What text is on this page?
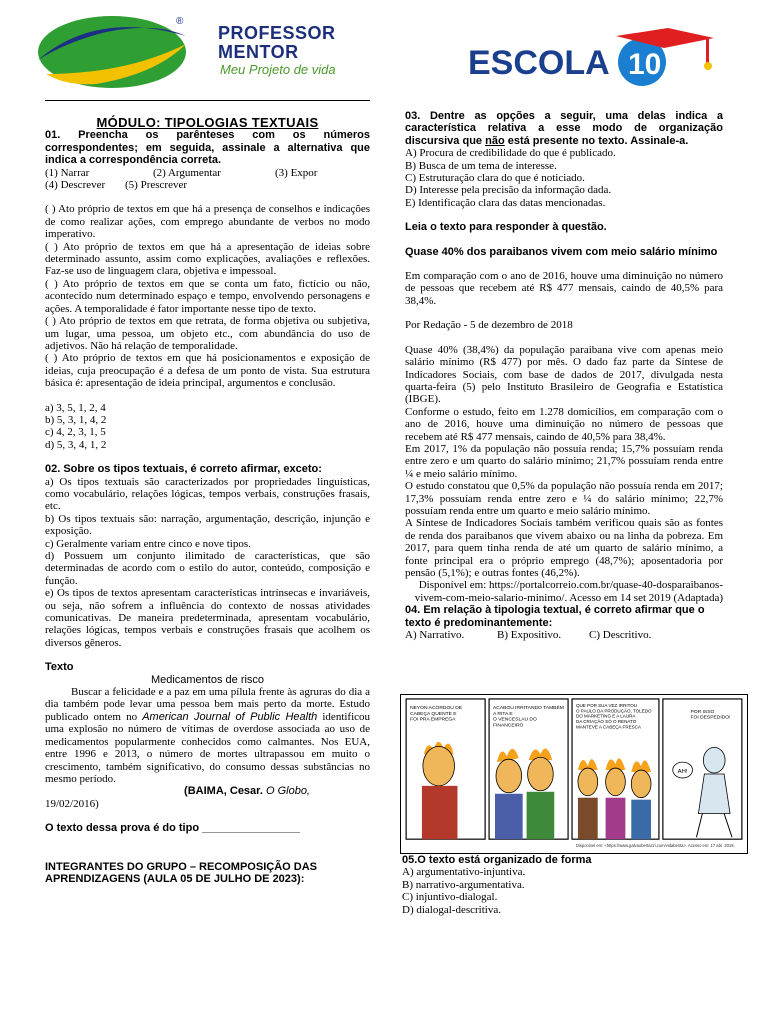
®
PROFESSOR
MENTOR
Meu Projeto de vida	ESCOLA 10
MÓDULO: TIPOLOGIAS TEXTUAIS
01. Preencha os parênteses com os números correspondentes; em seguida, assinale a alternativa que indica a correspondência correta.
(1) Narrar	(2) Argumentar	(3) Expor
(4) Descrever	(5) Prescrever

( ) Ato próprio de textos em que há a presença de conselhos e indicações de como realizar ações, com emprego abundante de verbos no modo imperativo.

( ) Ato próprio de textos em que há a apresentação de ideias sobre determinado assunto, assim como explicações, avaliações e reflexões. Faz-se uso de linguagem clara, objetiva e impessoal.

( ) Ato próprio de textos em que se conta um fato, fictício ou não, acontecido num determinado espaço e tempo, envolvendo personagens e ações. A temporalidade é fator importante nesse tipo de texto.

( ) Ato próprio de textos em que retrata, de forma objetiva ou subjetiva, um lugar, uma pessoa, um objeto etc., com abundância do uso de adjetivos. Não há relação de temporalidade.

( ) Ato próprio de textos em que há posicionamentos e exposição de ideias, cuja preocupação é a defesa de um ponto de vista. Sua estrutura básica é: apresentação de ideia principal, argumentos e conclusão.

a) 3, 5, 1, 2, 4

b) 5, 3, 1, 4, 2

c) 4, 2, 3, 1, 5

d) 5, 3, 4, 1, 2

02. Sobre os tipos textuais, é correto afirmar, exceto:

a) Os tipos textuais são caracterizados por propriedades linguísticas, como vocabulário, relações lógicas, tempos verbais, construções frasais, etc.

b) Os tipos textuais são: narração, argumentação, descrição, injunção e exposição.

c) Geralmente variam entre cinco e nove tipos.

d) Possuem um conjunto ilimitado de características, que são determinadas de acordo com o estilo do autor, conteúdo, composição e função.

e) Os tipos de textos apresentam características intrínsecas e invariáveis, ou seja, não sofrem a influência do contexto de nossas atividades comunicativas. De maneira predeterminada, apresentam vocabulário, relações lógicas, tempos verbais e construções frasais que acolhem os diversos gêneros.

Texto
Medicamentos de risco

Buscar a felicidade e a paz em uma pílula frente às agruras do dia a dia também pode levar uma pessoa bem mais perto da morte. Estudo publicado ontem no American Journal of Public Health identificou uma explosão no número de vítimas de overdose associada ao uso de medicamentos popularmente conhecidos como calmantes. Nos EUA, entre 1996 e 2013, o número de mortes ultrapassou em muito o crescimento, também significativo, do consumo dessas substâncias no mesmo período.

(BAIMA, Cesar. O Globo,

19/02/2016)

O texto dessa prova é do tipo ________________
INTEGRANTES DO GRUPO – RECOMPOSIÇÃO DAS APRENDIZAGENS (AULA 05 DE JULHO DE 2023):
03. Dentre as opções a seguir, uma delas indica a característica relativa a esse modo de organização discursiva que não está presente no texto. Assinale-a.

A) Procura de credibilidade do que é publicado.

B) Busca de um tema de interesse.

C) Estruturação clara do que é noticiado.

D) Interesse pela precisão da informação dada.

E) Identificação clara das datas mencionadas.

Leia o texto para responder à questão.
Quase 40% dos paraibanos vivem com meio salário mínimo

Em comparação com o ano de 2016, houve uma diminuição no número de pessoas que recebem até R$ 477 mensais, caindo de 40,5% para 38,4%.

Por Redação - 5 de dezembro de 2018

Quase 40% (38,4%) da população paraibana vive com apenas meio salário mínimo (R$ 477) por mês. O dado faz parte da Síntese de Indicadores Sociais, com base de dados de 2017, divulgada nesta quarta-feira (5) pelo Instituto Brasileiro de Geografia e Estatística (IBGE).

Conforme o estudo, feito em 1.278 domicílios, em comparação com o ano de 2016, houve uma diminuição no número de pessoas que recebem até R$ 477 mensais, caindo de 40,5% para 38,4%.

Em 2017, 1% da população não possuía renda; 15,7% possuíam renda entre zero e um quarto do salário mínimo; 21,7% possuíam renda entre ¼ e meio salário mínimo.

O estudo constatou que 0,5% da população não possuía renda em 2017; 17,3% possuíam renda entre zero e ¼ do salário mínimo; 22,7% possuíam renda entre um quarto e meio salário mínimo.

A Síntese de Indicadores Sociais também verificou quais são as fontes de renda dos paraibanos que vivem abaixo ou na linha da pobreza. Em 2017, para quem tinha renda de até um quarto de salário mínimo, a fonte principal era o próprio emprego (48,7%); aposentadoria por pensão (5,1%); e outras fontes (46,2%).

Disponível em: https://portalcorreio.com.br/quase-40-dosparaibanos-vivem-com-meio-salario-minimo/. Acesso em 14 set 2019 (Adaptada)

04. Em relação à tipologia textual, é correto afirmar que o texto é predominantemente:
A) Narrativo.	B) Expositivo.	C) Descritivo.
NEYON ACORDOU DE CABEÇA QUENTE E FOI PRA EMPREGA
ACABOU IRRITANDO TAMBÉM A RITA E O VENCESLAU DO FINANCEIRO
QUE POR SUA VEZ IRRITOU O PAULO DA PRODUÇÃO, TOLEDO DO MARKETING E A LAURA DA CRIAÇÃO SÓ O RENATO MANTEVE A CABEÇA FRESCA
POR ISSO FOI DESPEDIDO!
AH!
Disponível em: <https://www.galvaobertazzi.com/vidabesta>. Acesso em: 17 abr. 2018.
05.O texto está organizado de forma

A) argumentativo-injuntiva.

B) narrativo-argumentativa.

C) injuntivo-dialogal.

D) dialogal-descritiva.
